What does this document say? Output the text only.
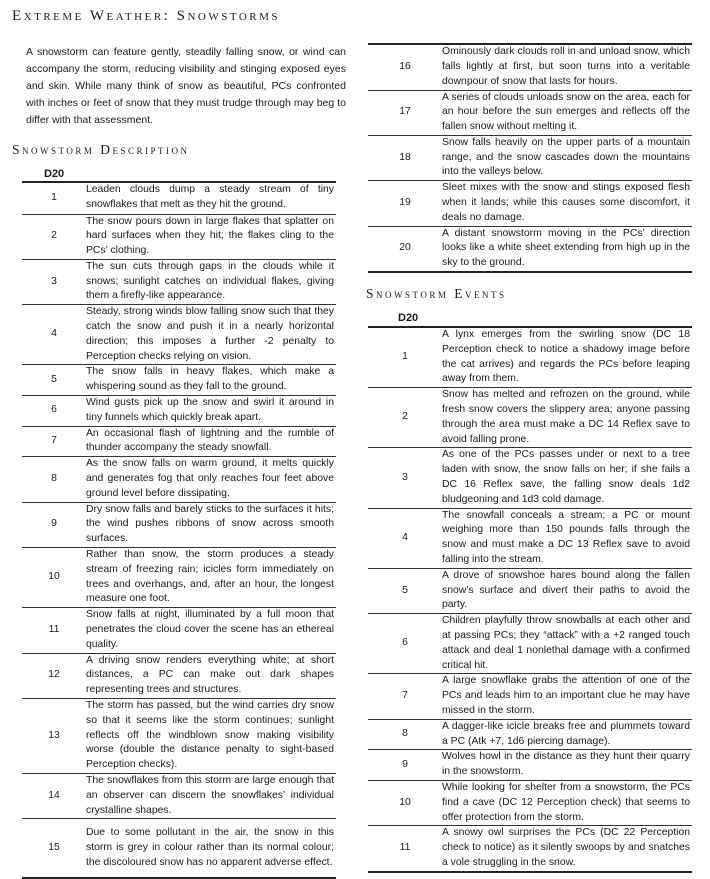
Extreme Weather: Snowstorms

A snowstorm can feature gently, steadily falling snow, or wind can accompany the storm, reducing visibility and stinging exposed eyes and skin. While many think of snow as beautiful, PCs confronted with inches or feet of snow that they must trudge through may beg to differ with that assessment.

Snowstorm Description
D20
1	Leaden clouds dump a steady stream of tiny snowflakes that melt as they hit the ground.
2	The snow pours down in large flakes that splatter on hard surfaces when they hit; the flakes cling to the PCs’ clothing.
3	The sun cuts through gaps in the clouds while it snows; sunlight catches on individual flakes, giving them a firefly-like appearance.
4	Steady, strong winds blow falling snow such that they catch the snow and push it in a nearly horizontal direction; this imposes a further -2 penalty to Perception checks relying on vision.
5	The snow falls in heavy flakes, which make a whispering sound as they fall to the ground.
6	Wind gusts pick up the snow and swirl it around in tiny funnels which quickly break apart.
7	An occasional flash of lightning and the rumble of thunder accompany the steady snowfall.
8	As the snow falls on warm ground, it melts quickly and generates fog that only reaches four feet above ground level before dissipating.
9	Dry snow falls and barely sticks to the surfaces it hits; the wind pushes ribbons of snow across smooth surfaces.
10	Rather than snow, the storm produces a steady stream of freezing rain; icicles form immediately on trees and overhangs, and, after an hour, the longest measure one foot.
11	Snow falls at night, illuminated by a full moon that penetrates the cloud cover the scene has an ethereal quality.
12	A driving snow renders everything white; at short distances, a PC can make out dark shapes representing trees and structures.
13	The storm has passed, but the wind carries dry snow so that it seems like the storm continues; sunlight reflects off the windblown snow making visibility worse (double the distance penalty to sight-based Perception checks).
14	The snowflakes from this storm are large enough that an observer can discern the snowflakes’ individual crystalline shapes.
15	Due to some pollutant in the air, the snow in this storm is grey in colour rather than its normal colour; the discoloured snow has no apparent adverse effect.
16	Ominously dark clouds roll in and unload snow, which falls lightly at first, but soon turns into a veritable downpour of snow that lasts for hours.
17	A series of clouds unloads snow on the area, each for an hour before the sun emerges and reflects off the fallen snow without melting it.
18	Snow falls heavily on the upper parts of a mountain range, and the snow cascades down the mountains into the valleys below.
19	Sleet mixes with the snow and stings exposed flesh when it lands; while this causes some discomfort, it deals no damage.
20	A distant snowstorm moving in the PCs’ direction looks like a white sheet extending from high up in the sky to the ground.
Snowstorm Events
D20
1	A lynx emerges from the swirling snow (DC 18 Perception check to notice a shadowy image before the cat arrives) and regards the PCs before leaping away from them.
2	Snow has melted and refrozen on the ground, while fresh snow covers the slippery area; anyone passing through the area must make a DC 14 Reflex save to avoid falling prone.
3	As one of the PCs passes under or next to a tree laden with snow, the snow falls on her; if she fails a DC 16 Reflex save, the falling snow deals 1d2 bludgeoning and 1d3 cold damage.
4	The snowfall conceals a stream; a PC or mount weighing more than 150 pounds falls through the snow and must make a DC 13 Reflex save to avoid falling into the stream.
5	A drove of snowshoe hares bound along the fallen snow’s surface and divert their paths to avoid the party.
6	Children playfully throw snowballs at each other and at passing PCs; they “attack” with a +2 ranged touch attack and deal 1 nonlethal damage with a confirmed critical hit.
7	A large snowflake grabs the attention of one of the PCs and leads him to an important clue he may have missed in the storm.
8	A dagger-like icicle breaks free and plummets toward a PC (Atk +7, 1d6 piercing damage).
9	Wolves howl in the distance as they hunt their quarry in the snowstorm.
10	While looking for shelter from a snowstorm, the PCs find a cave (DC 12 Perception check) that seems to offer protection from the storm.
11	A snowy owl surprises the PCs (DC 22 Perception check to notice) as it silently swoops by and snatches a vole struggling in the snow.
